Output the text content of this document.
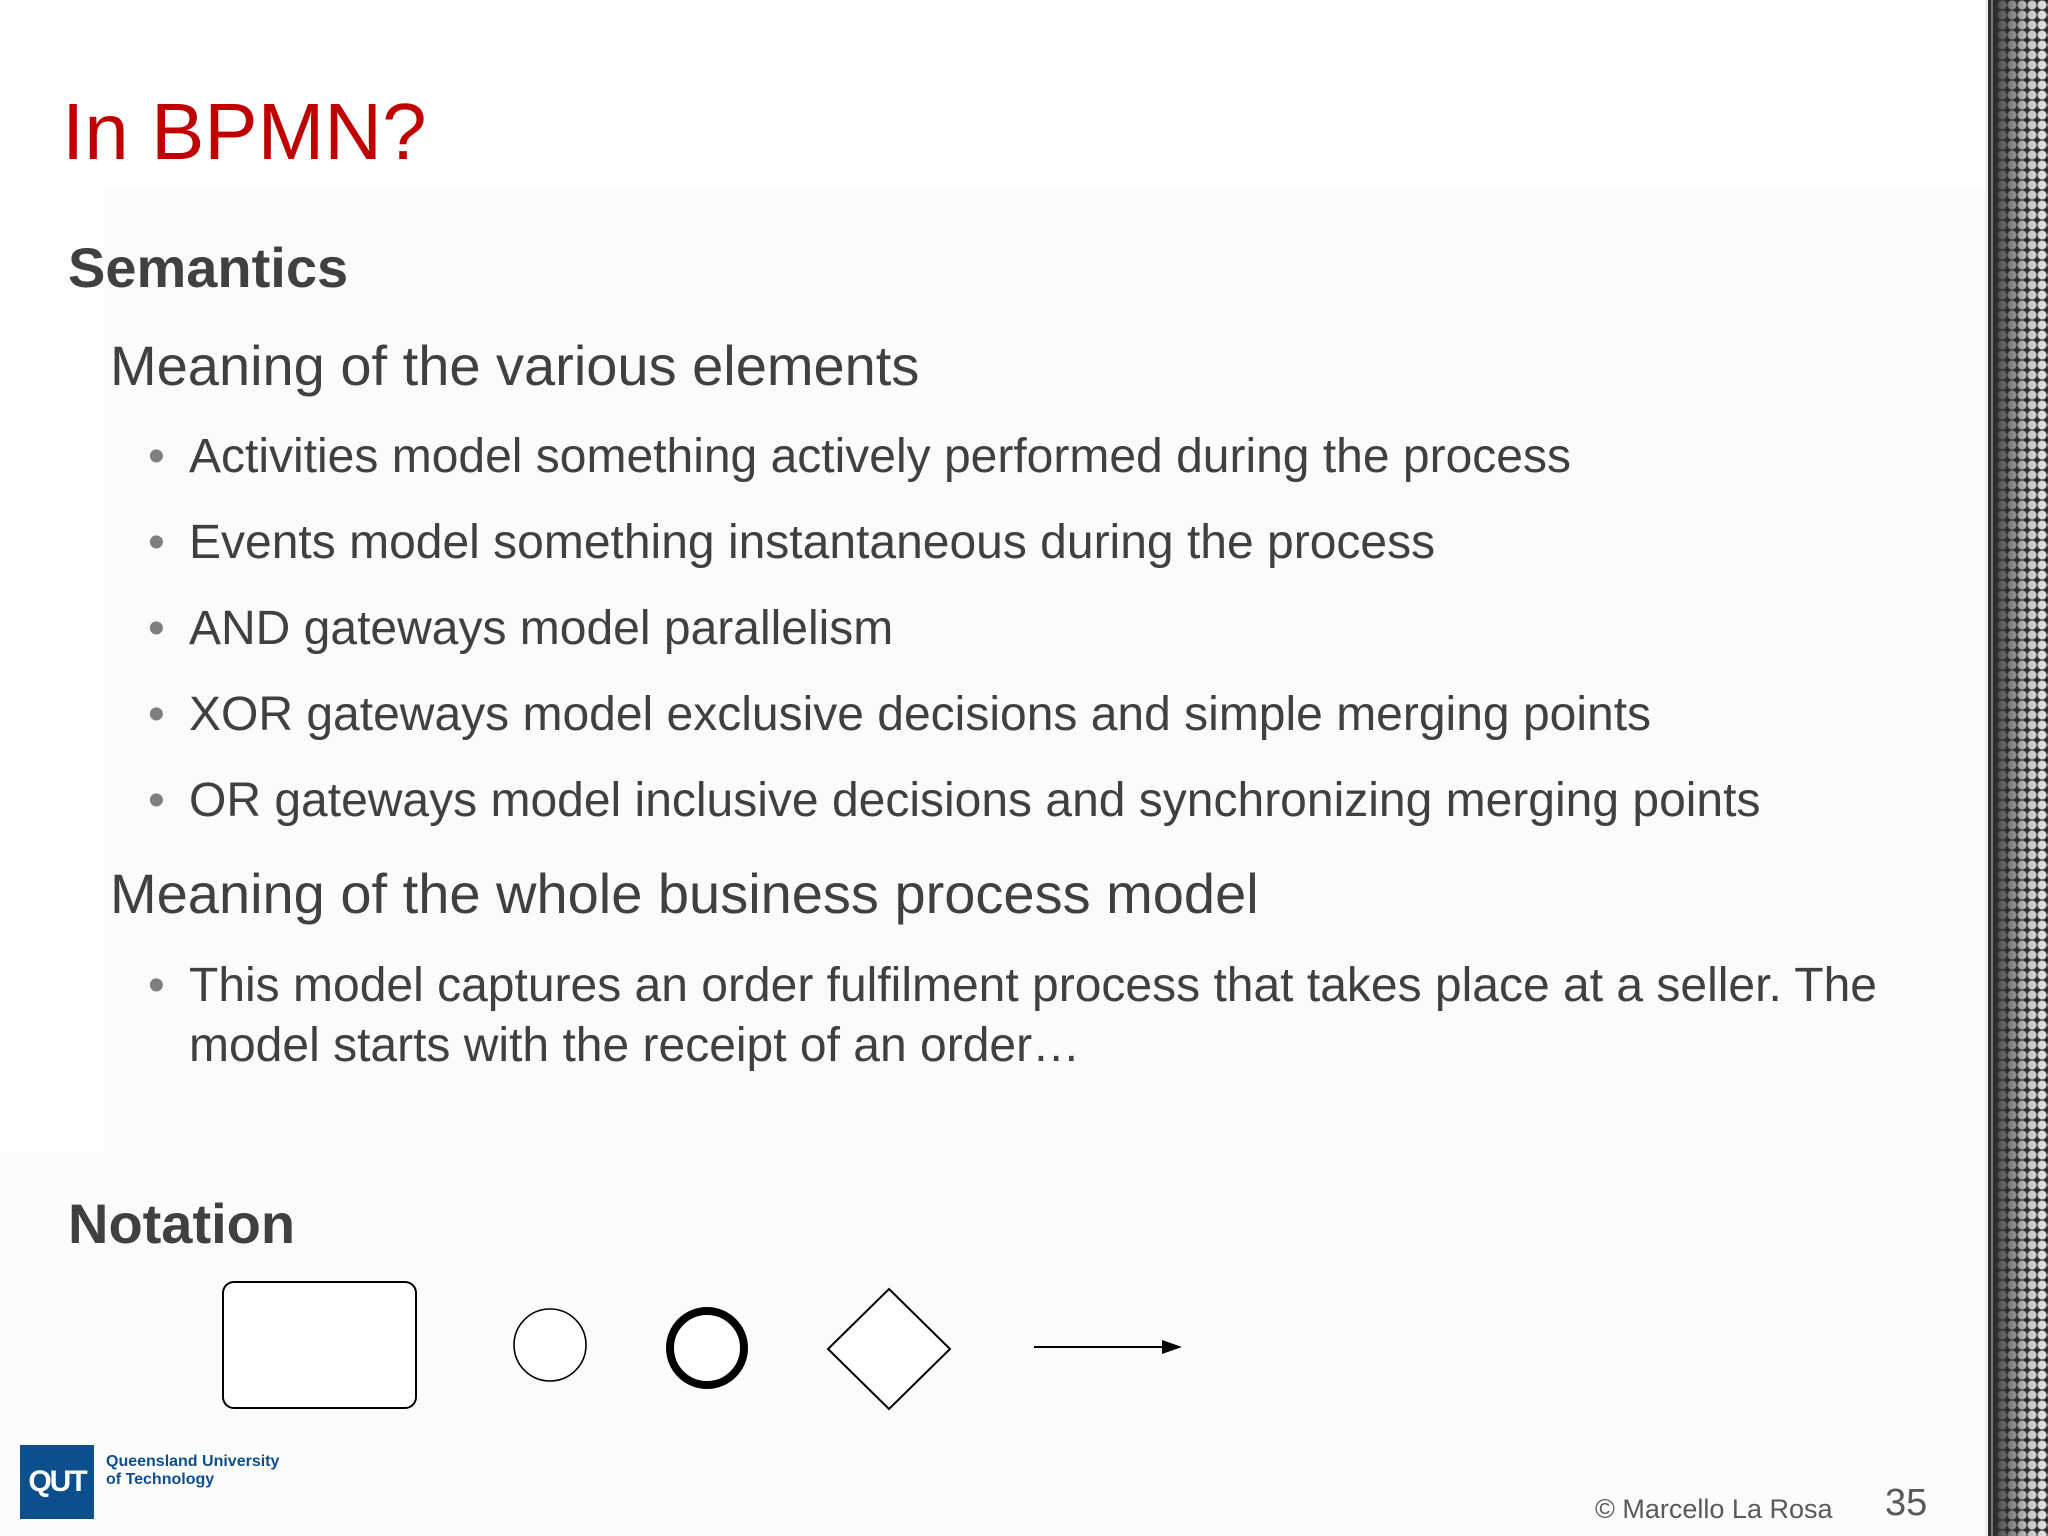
In BPMN?
Semantics
Meaning of the various elements
• Activities model something actively performed during the process
• Events model something instantaneous during the process
• AND gateways model parallelism
• XOR gateways model exclusive decisions and simple merging points
• OR gateways model inclusive decisions and synchronizing merging points
Meaning of the whole business process model
• This model captures an order fulfilment process that takes place at a seller. The model starts with the receipt of an order…
Notation
QUT
Queensland University of Technology
© Marcello La Rosa 35
